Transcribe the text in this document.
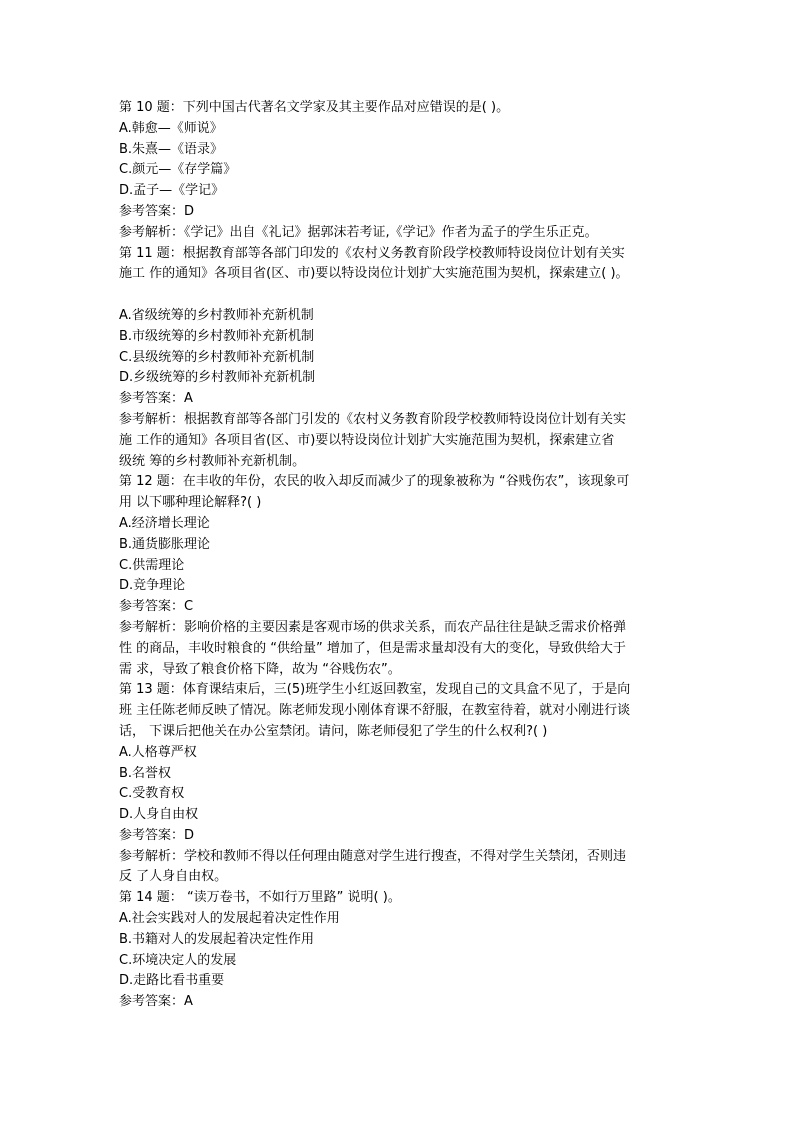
第 10 题：下列中国古代著名文学家及其主要作品对应错误的是( )。
A.韩愈—《师说》
B.朱熹—《语录》
C.颜元—《存学篇》
D.孟子—《学记》
参考答案：D
参考解析：《学记》出自《礼记》据郭沫若考证,《学记》作者为孟子的学生乐正克。
第 11 题：根据教育部等各部门印发的《农村义务教育阶段学校教师特设岗位计划有关实
施工 作的通知》各项目省(区、市)要以特设岗位计划扩大实施范围为契机，探索建立( )。
A.省级统筹的乡村教师补充新机制
B.市级统筹的乡村教师补充新机制
C.县级统筹的乡村教师补充新机制
D.乡级统筹的乡村教师补充新机制
参考答案：A
参考解析：根据教育部等各部门引发的《农村义务教育阶段学校教师特设岗位计划有关实
施 工作的通知》各项目省(区、市)要以特设岗位计划扩大实施范围为契机，探索建立省
级统 筹的乡村教师补充新机制。
第 12 题：在丰收的年份，农民的收入却反而减少了的现象被称为 “谷贱伤农”，该现象可
用 以下哪种理论解释?( )
A.经济增长理论
B.通货膨胀理论
C.供需理论
D.竞争理论
参考答案：C
参考解析：影响价格的主要因素是客观市场的供求关系，而农产品往往是缺乏需求价格弹
性 的商品，丰收时粮食的 “供给量” 增加了，但是需求量却没有大的变化，导致供给大于
需 求，导致了粮食价格下降，故为 “谷贱伤农”。
第 13 题：体育课结束后，三(5)班学生小红返回教室，发现自己的文具盒不见了，于是向
班 主任陈老师反映了情况。陈老师发现小刚体育课不舒服，在教室待着，就对小刚进行谈
话， 下课后把他关在办公室禁闭。请问，陈老师侵犯了学生的什么权利?( )
A.人格尊严权
B.名誉权
C.受教育权
D.人身自由权
参考答案：D
参考解析：学校和教师不得以任何理由随意对学生进行搜查，不得对学生关禁闭，否则违
反 了人身自由权。
第 14 题： “读万卷书，不如行万里路” 说明( )。
A.社会实践对人的发展起着决定性作用
B.书籍对人的发展起着决定性作用
C.环境决定人的发展
D.走路比看书重要
参考答案：A
